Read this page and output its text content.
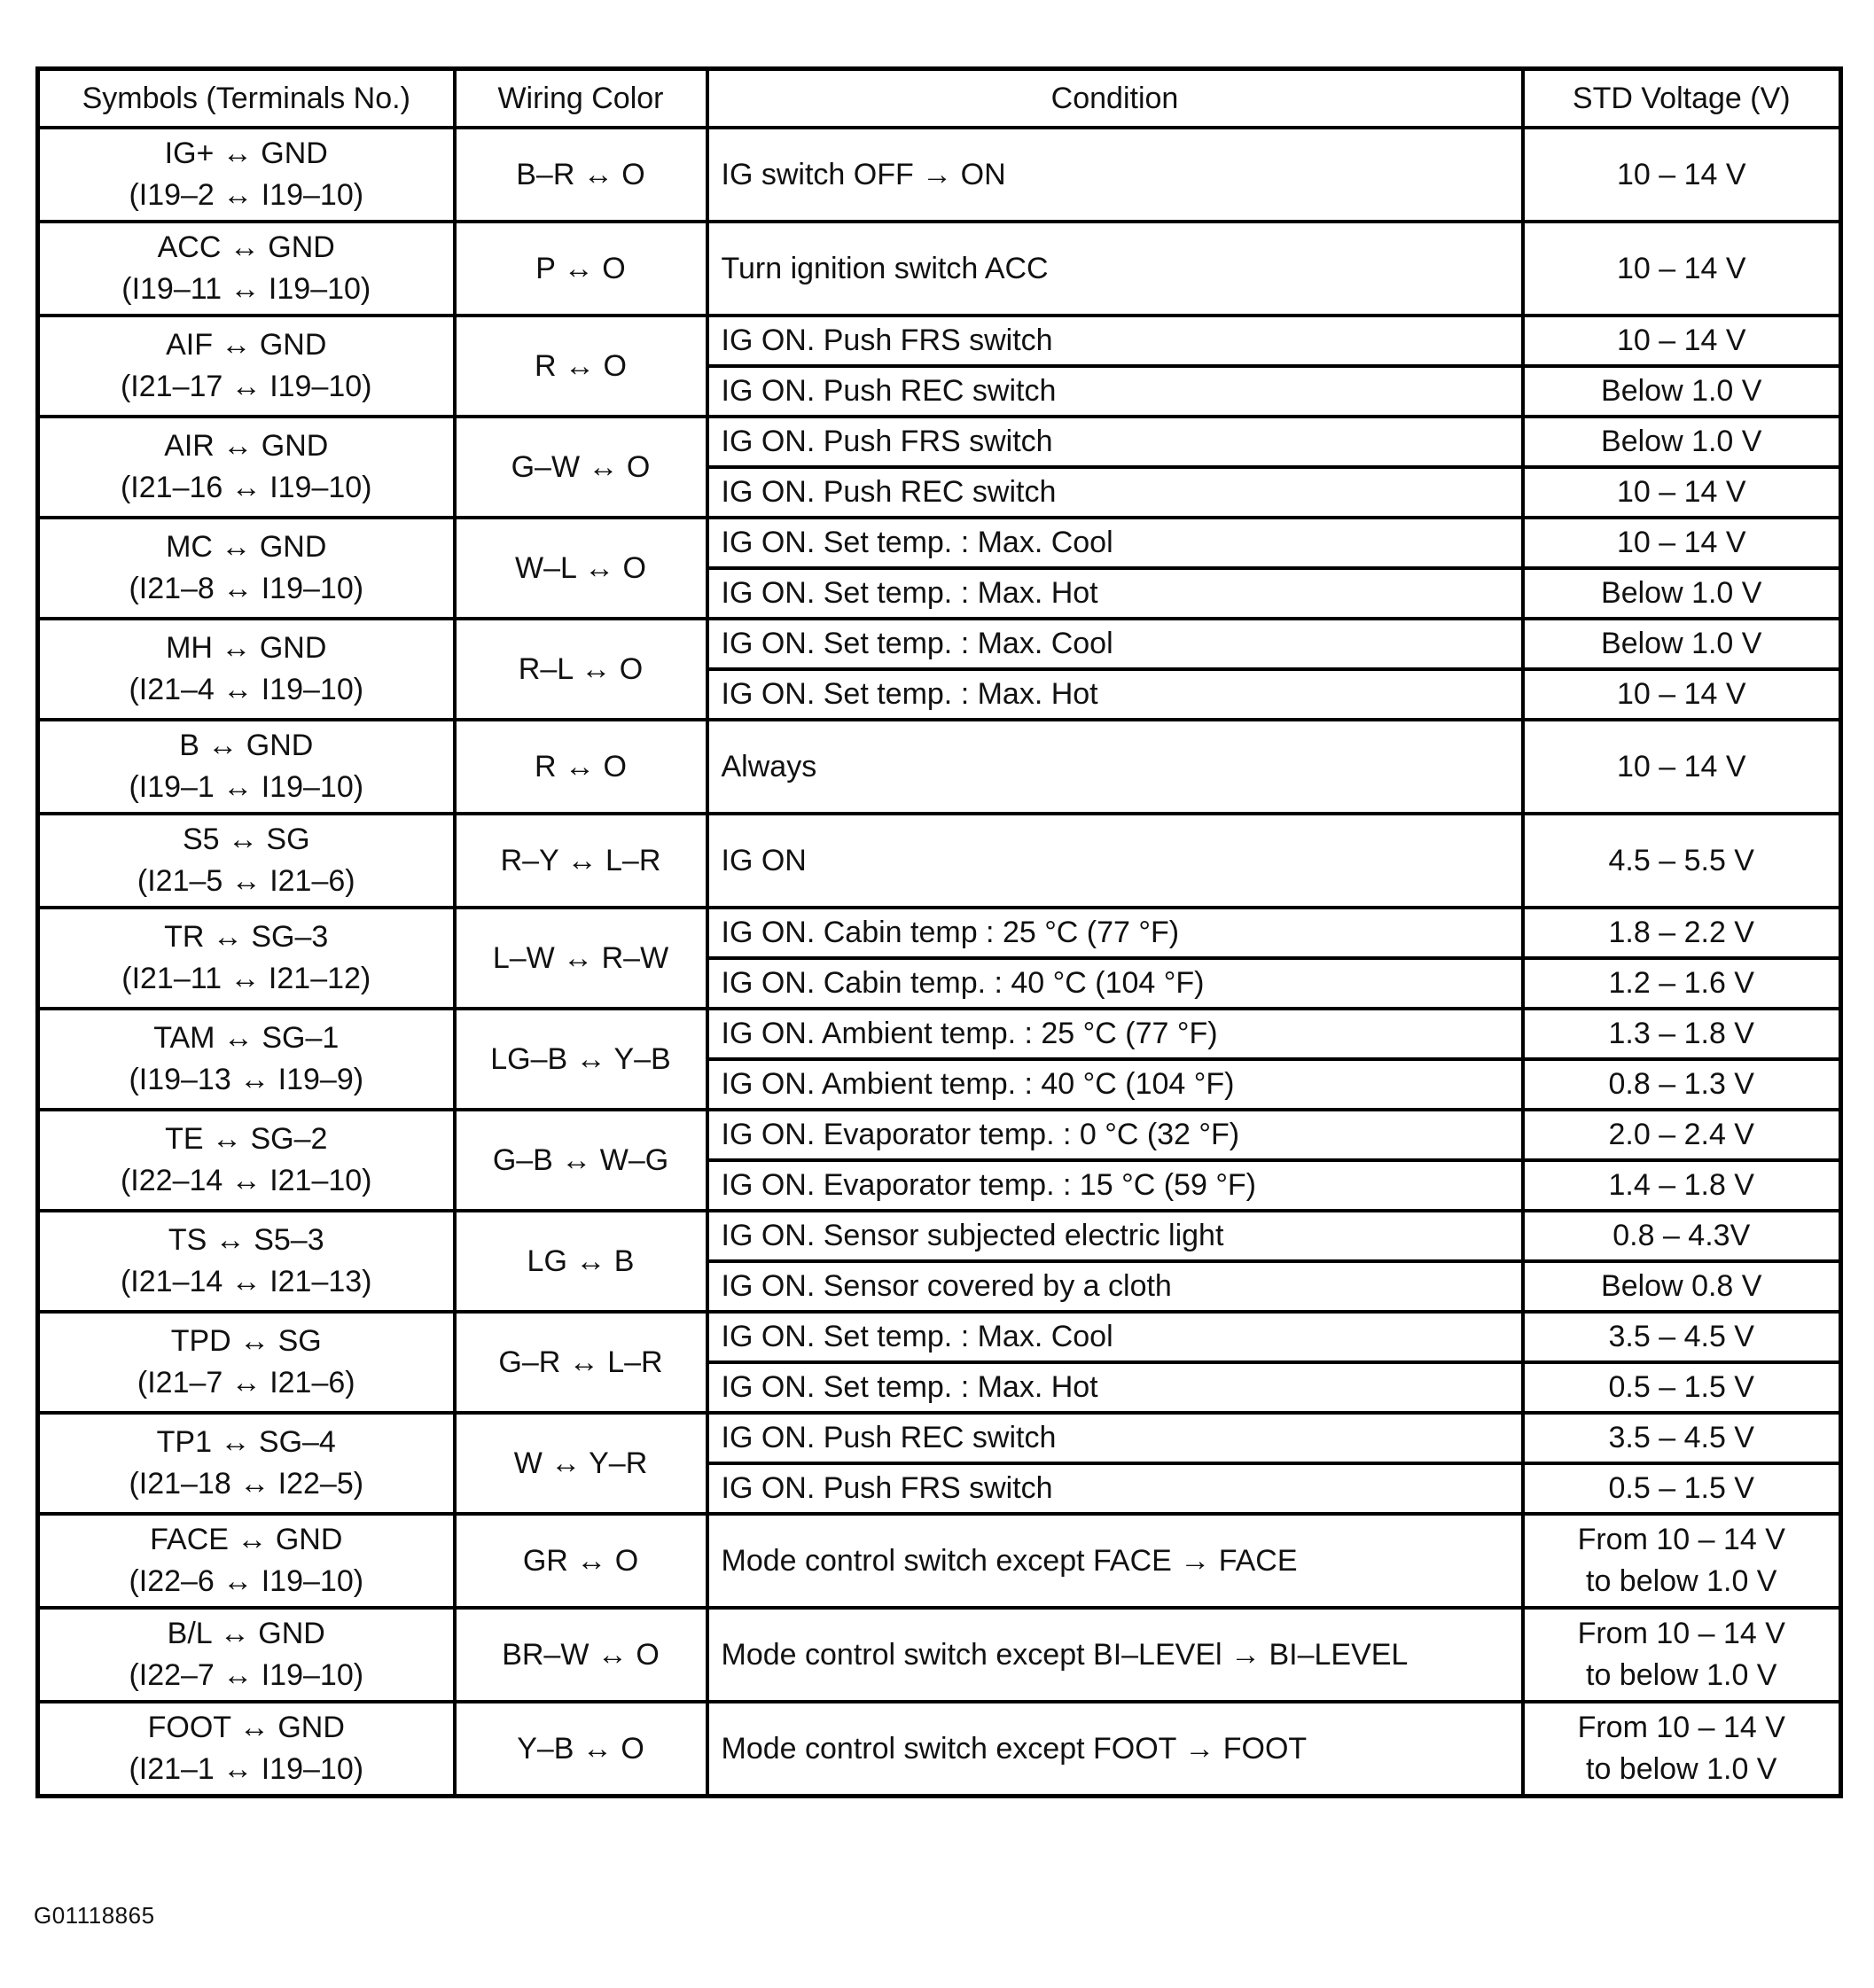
Symbols (Terminals No.)	Wiring Color	Condition	STD Voltage (V)

IG+ ↔ GND
(I19–2 ↔ I19–10)	B–R ↔ O	IG switch OFF → ON	10 – 14 V

ACC ↔ GND
(I19–11 ↔ I19–10)	P ↔ O	Turn ignition switch ACC	10 – 14 V

AIF ↔ GND
(I21–17 ↔ I19–10)	R ↔ O	IG ON. Push FRS switch	10 – 14 V

		IG ON. Push REC switch	Below 1.0 V

AIR ↔ GND
(I21–16 ↔ I19–10)	G–W ↔ O	IG ON. Push FRS switch	Below 1.0 V

		IG ON. Push REC switch	10 – 14 V

MC ↔ GND
(I21–8 ↔ I19–10)	W–L ↔ O	IG ON. Set temp. : Max. Cool	10 – 14 V

		IG ON. Set temp. : Max. Hot	Below 1.0 V

MH ↔ GND
(I21–4 ↔ I19–10)	R–L ↔ O	IG ON. Set temp. : Max. Cool	Below 1.0 V

		IG ON. Set temp. : Max. Hot	10 – 14 V

B ↔ GND
(I19–1 ↔ I19–10)	R ↔ O	Always	10 – 14 V

S5 ↔ SG
(I21–5 ↔ I21–6)	R–Y ↔ L–R	IG ON	4.5 – 5.5 V

TR ↔ SG–3
(I21–11 ↔ I21–12)	L–W ↔ R–W	IG ON. Cabin temp : 25 °C (77 °F)	1.8 – 2.2 V

		IG ON. Cabin temp. : 40 °C (104 °F)	1.2 – 1.6 V

TAM ↔ SG–1
(I19–13 ↔ I19–9)	LG–B ↔ Y–B	IG ON. Ambient temp. : 25 °C (77 °F)	1.3 – 1.8 V

		IG ON. Ambient temp. : 40 °C (104 °F)	0.8 – 1.3 V

TE ↔ SG–2
(I22–14 ↔ I21–10)	G–B ↔ W–G	IG ON. Evaporator temp. : 0 °C (32 °F)	2.0 – 2.4 V

		IG ON. Evaporator temp. : 15 °C (59 °F)	1.4 – 1.8 V

TS ↔ S5–3
(I21–14 ↔ I21–13)	LG ↔ B	IG ON. Sensor subjected electric light	0.8 – 4.3V

		IG ON. Sensor covered by a cloth	Below 0.8 V

TPD ↔ SG
(I21–7 ↔ I21–6)	G–R ↔ L–R	IG ON. Set temp. : Max. Cool	3.5 – 4.5 V

		IG ON. Set temp. : Max. Hot	0.5 – 1.5 V

TP1 ↔ SG–4
(I21–18 ↔ I22–5)	W ↔ Y–R	IG ON. Push REC switch	3.5 – 4.5 V

		IG ON. Push FRS switch	0.5 – 1.5 V

FACE ↔ GND
(I22–6 ↔ I19–10)	GR ↔ O	Mode control switch except FACE → FACE	From 10 – 14 V
to below 1.0 V

B/L ↔ GND
(I22–7 ↔ I19–10)	BR–W ↔ O	Mode control switch except BI–LEVEl → BI–LEVEL	From 10 – 14 V
to below 1.0 V

FOOT ↔ GND
(I21–1 ↔ I19–10)	Y–B ↔ O	Mode control switch except FOOT → FOOT	From 10 – 14 V
to below 1.0 V
G01118865
